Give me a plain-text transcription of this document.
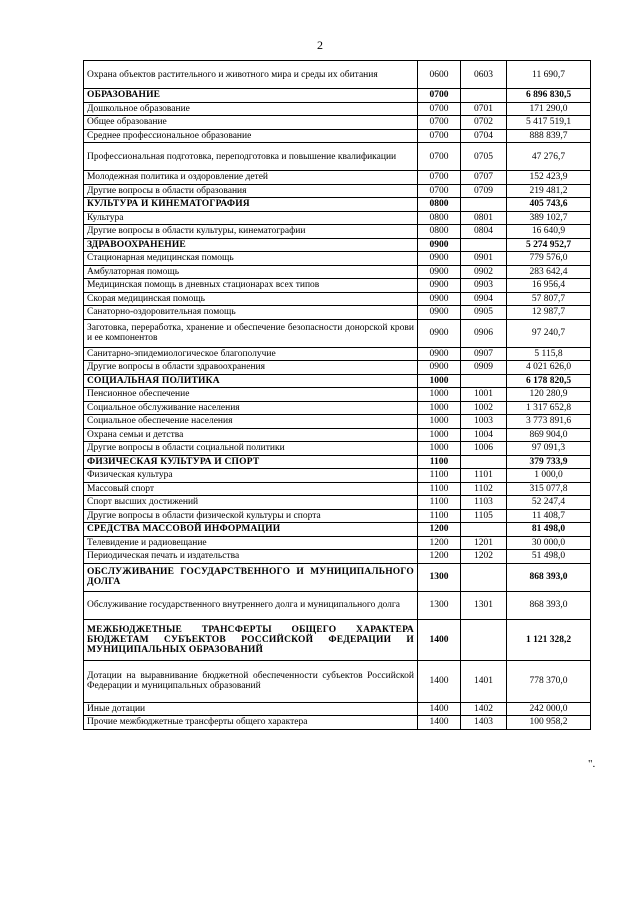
2
Охрана объектов растительного и животного мира и среды их обитания	0600	0603	11 690,7
ОБРАЗОВАНИЕ	0700		6 896 830,5
Дошкольное образование	0700	0701	171 290,0
Общее образование	0700	0702	5 417 519,1
Среднее профессиональное образование	0700	0704	888 839,7
Профессиональная подготовка, переподготовка и повышение квалификации	0700	0705	47 276,7
Молодежная политика и оздоровление детей	0700	0707	152 423,9
Другие вопросы в области образования	0700	0709	219 481,2
КУЛЬТУРА И КИНЕМАТОГРАФИЯ	0800		405 743,6
Культура	0800	0801	389 102,7
Другие вопросы в области культуры, кинематографии	0800	0804	16 640,9
ЗДРАВООХРАНЕНИЕ	0900		5 274 952,7
Стационарная медицинская помощь	0900	0901	779 576,0
Амбулаторная помощь	0900	0902	283 642,4
Медицинская помощь в дневных стационарах всех типов	0900	0903	16 956,4
Скорая медицинская помощь	0900	0904	57 807,7
Санаторно-оздоровительная помощь	0900	0905	12 987,7
Заготовка, переработка, хранение и обеспечение безопасности донорской крови и ее компонентов	0900	0906	97 240,7
Санитарно-эпидемиологическое благополучие	0900	0907	5 115,8
Другие вопросы в области здравоохранения	0900	0909	4 021 626,0
СОЦИАЛЬНАЯ ПОЛИТИКА	1000		6 178 820,5
Пенсионное обеспечение	1000	1001	120 280,9
Социальное обслуживание населения	1000	1002	1 317 652,8
Социальное обеспечение населения	1000	1003	3 773 891,6
Охрана семьи и детства	1000	1004	869 904,0
Другие вопросы в области социальной политики	1000	1006	97 091,3
ФИЗИЧЕСКАЯ КУЛЬТУРА И СПОРТ	1100		379 733,9
Физическая культура	1100	1101	1 000,0
Массовый спорт	1100	1102	315 077,8
Спорт высших достижений	1100	1103	52 247,4
Другие вопросы в области физической культуры и спорта	1100	1105	11 408,7
СРЕДСТВА МАССОВОЙ ИНФОРМАЦИИ	1200		81 498,0
Телевидение и радиовещание	1200	1201	30 000,0
Периодическая печать и издательства	1200	1202	51 498,0
ОБСЛУЖИВАНИЕ ГОСУДАРСТВЕННОГО И МУНИЦИПАЛЬНОГО ДОЛГА	1300		868 393,0
Обслуживание государственного внутреннего долга и муниципального долга	1300	1301	868 393,0
МЕЖБЮДЖЕТНЫЕ ТРАНСФЕРТЫ ОБЩЕГО ХАРАКТЕРА БЮДЖЕТАМ СУБЪЕКТОВ РОССИЙСКОЙ ФЕДЕРАЦИИ И МУНИЦИПАЛЬНЫХ ОБРАЗОВАНИЙ	1400		1 121 328,2
Дотации на выравнивание бюджетной обеспеченности субъектов Российской Федерации и муниципальных образований	1400	1401	778 370,0
Иные дотации	1400	1402	242 000,0
Прочие межбюджетные трансферты общего характера	1400	1403	100 958,2
".
